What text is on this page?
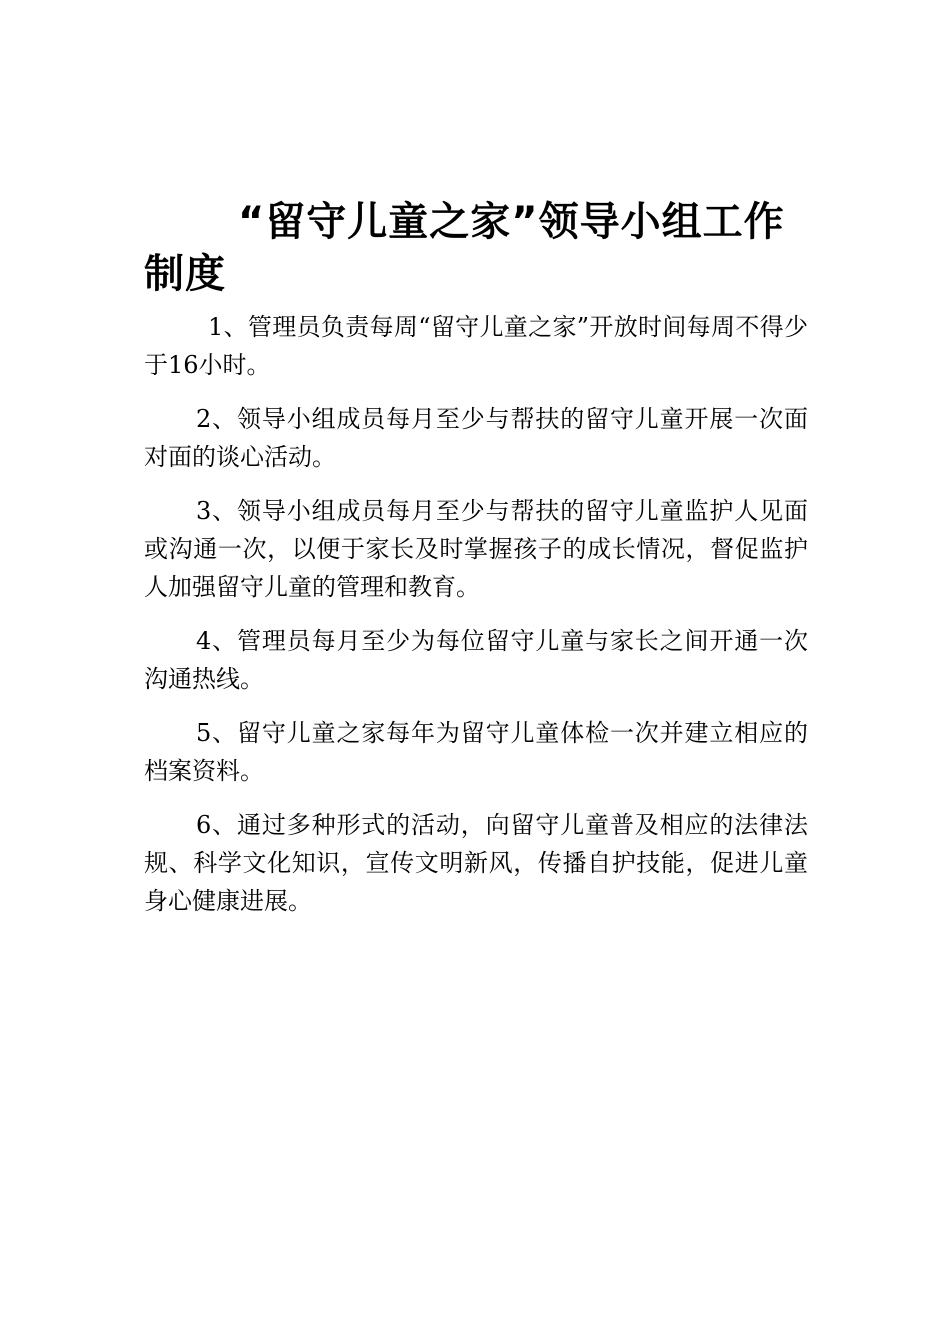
“留守儿童之家”领导小组工作制度
1、管理员负责每周“留守儿童之家”开放时间每周不得少于16小时。
2、领导小组成员每月至少与帮扶的留守儿童开展一次面对面的谈心活动。
3、领导小组成员每月至少与帮扶的留守儿童监护人见面或沟通一次，以便于家长及时掌握孩子的成长情况，督促监护人加强留守儿童的管理和教育。
4、管理员每月至少为每位留守儿童与家长之间开通一次沟通热线。
5、留守儿童之家每年为留守儿童体检一次并建立相应的档案资料。
6、通过多种形式的活动，向留守儿童普及相应的法律法规、科学文化知识，宣传文明新风，传播自护技能，促进儿童身心健康进展。
